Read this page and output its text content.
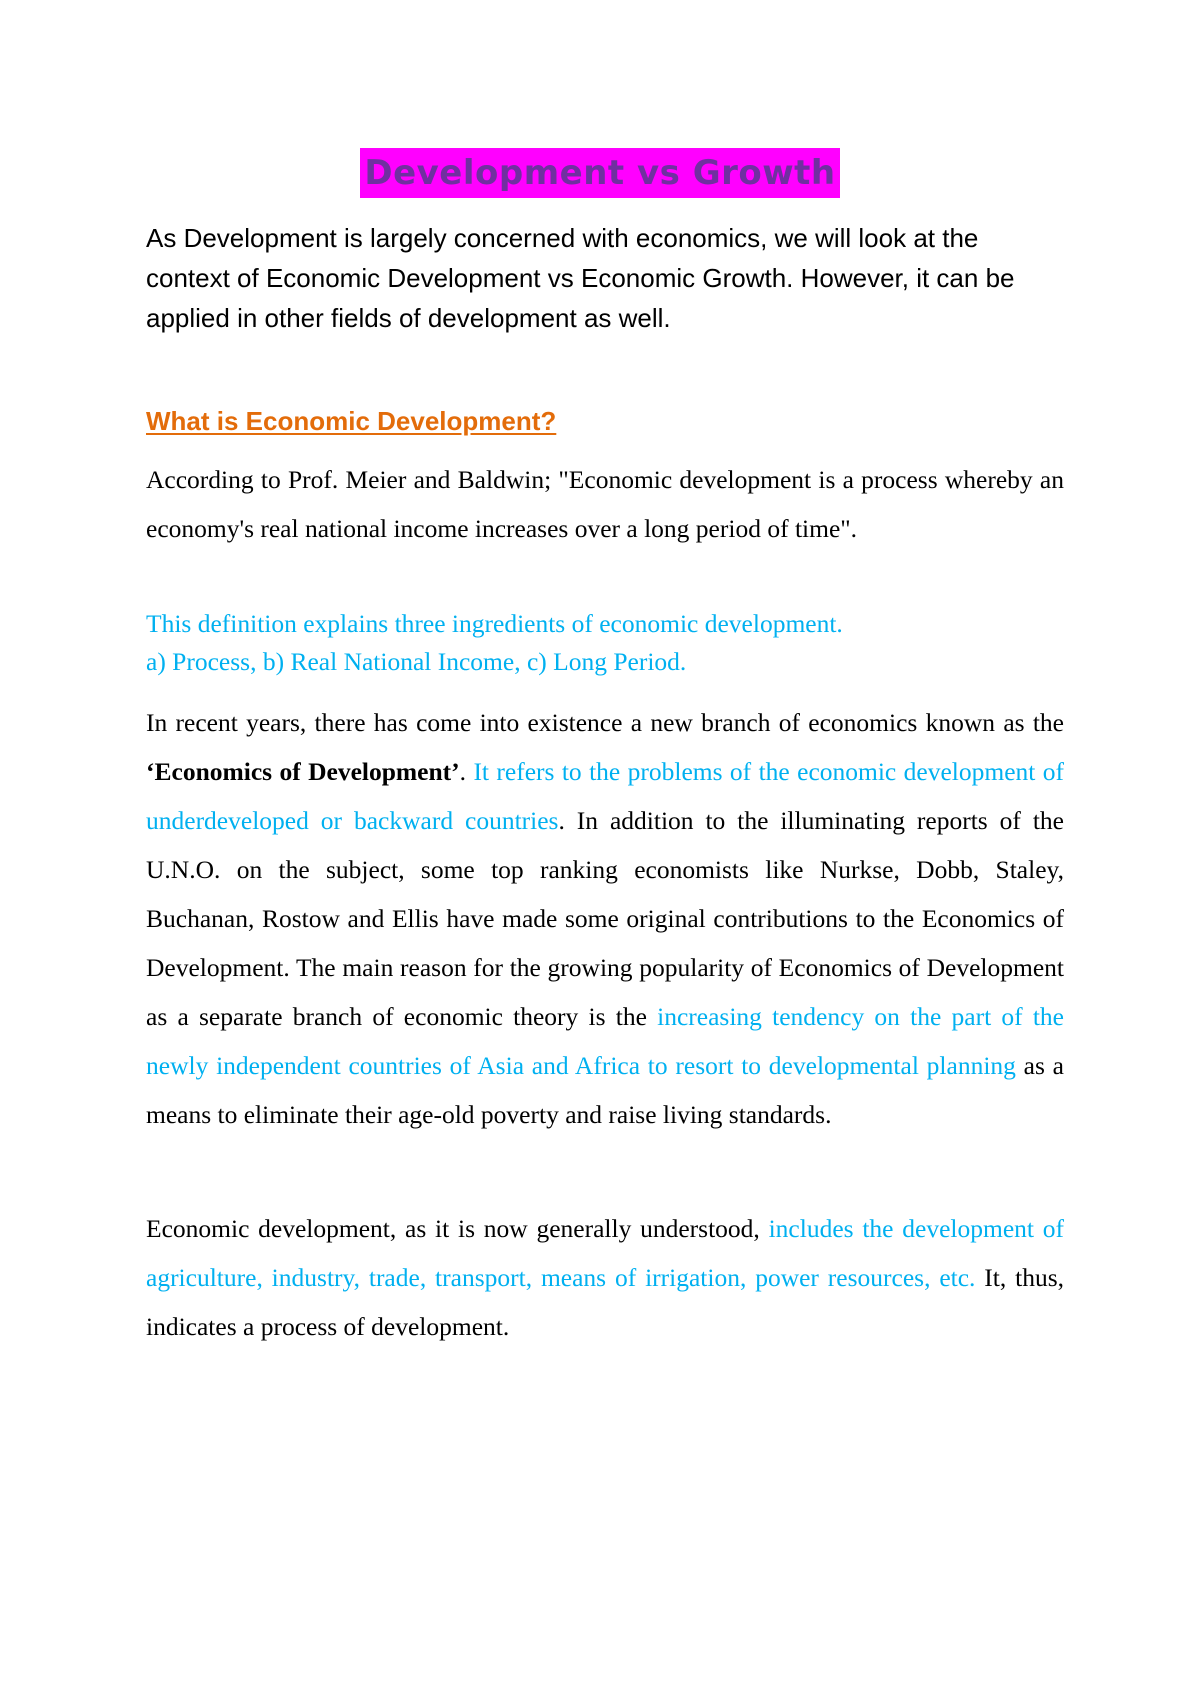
Development vs Growth

As Development is largely concerned with economics, we will look at the context of Economic Development vs Economic Growth. However, it can be applied in other fields of development as well.

What is Economic Development?

According to Prof. Meier and Baldwin; "Economic development is a process whereby an economy's real national income increases over a long period of time".

This definition explains three ingredients of economic development.
a) Process, b) Real National Income, c) Long Period.

In recent years, there has come into existence a new branch of economics known as the ‘Economics of Development’. It refers to the problems of the economic development of underdeveloped or backward countries. In addition to the illuminating reports of the U.N.O. on the subject, some top ranking economists like Nurkse, Dobb, Staley, Buchanan, Rostow and Ellis have made some original contributions to the Economics of Development. The main reason for the growing popularity of Economics of Development as a separate branch of economic theory is the increasing tendency on the part of the newly independent countries of Asia and Africa to resort to developmental planning as a means to eliminate their age-old poverty and raise living standards.

Economic development, as it is now generally understood, includes the development of agriculture, industry, trade, transport, means of irrigation, power resources, etc. It, thus, indicates a process of development.
